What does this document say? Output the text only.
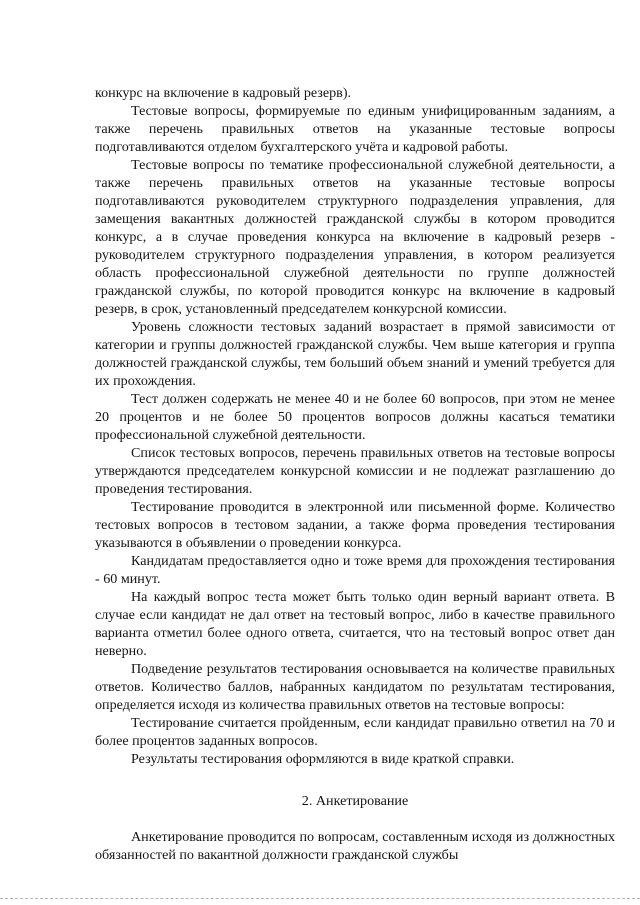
конкурс на включение в кадровый резерв).

Тестовые вопросы, формируемые по единым унифицированным заданиям, а также перечень правильных ответов на указанные тестовые вопросы подготавливаются отделом бухгалтерского учёта и кадровой работы.

Тестовые вопросы по тематике профессиональной служебной деятельности, а также перечень правильных ответов на указанные тестовые вопросы подготавливаются руководителем структурного подразделения управления, для замещения вакантных должностей гражданской службы в котором проводится конкурс, а в случае проведения конкурса на включение в кадровый резерв - руководителем структурного подразделения управления, в котором реализуется область профессиональной служебной деятельности по группе должностей гражданской службы, по которой проводится конкурс на включение в кадровый резерв, в срок, установленный председателем конкурсной комиссии.

Уровень сложности тестовых заданий возрастает в прямой зависимости от категории и группы должностей гражданской службы. Чем выше категория и группа должностей гражданской службы, тем больший объем знаний и умений требуется для их прохождения.

Тест должен содержать не менее 40 и не более 60 вопросов, при этом не менее 20 процентов и не более 50 процентов вопросов должны касаться тематики профессиональной служебной деятельности.

Список тестовых вопросов, перечень правильных ответов на тестовые вопросы утверждаются председателем конкурсной комиссии и не подлежат разглашению до проведения тестирования.

Тестирование проводится в электронной или письменной форме. Количество тестовых вопросов в тестовом задании, а также форма проведения тестирования указываются в объявлении о проведении конкурса.

Кандидатам предоставляется одно и тоже время для прохождения тестирования - 60 минут.

На каждый вопрос теста может быть только один верный вариант ответа. В случае если кандидат не дал ответ на тестовый вопрос, либо в качестве правильного варианта отметил более одного ответа, считается, что на тестовый вопрос ответ дан неверно.

Подведение результатов тестирования основывается на количестве правильных ответов. Количество баллов, набранных кандидатом по результатам тестирования, определяется исходя из количества правильных ответов на тестовые вопросы:

Тестирование считается пройденным, если кандидат правильно ответил на 70 и более процентов заданных вопросов.

Результаты тестирования оформляются в виде краткой справки.

2. Анкетирование

Анкетирование проводится по вопросам, составленным исходя из должностных обязанностей по вакантной должности гражданской службы
